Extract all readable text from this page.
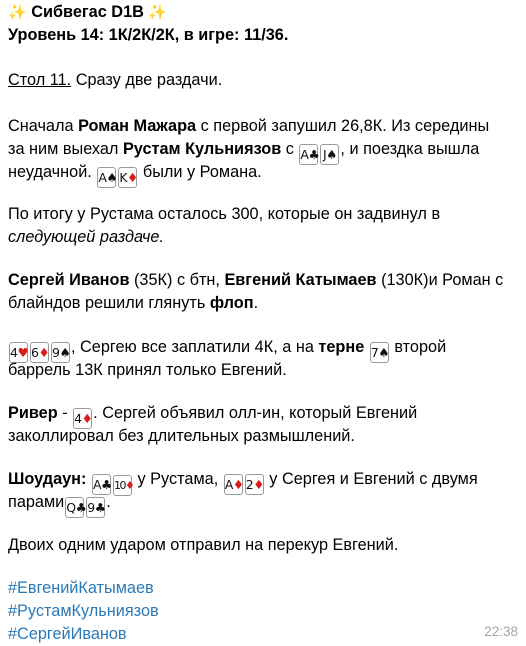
✨ Сибвегас D1B ✨
Уровень 14: 1К/2К/2К, в игре: 11/36.
Стол 11. Сразу две раздачи.
Сначала Роман Мажара с первой запушил 26,8К. Из середины
за ним выехал Рустам Кульниязов с A♣ J♠ , и поездка вышла
неудачной. A♠ K♦ были у Романа.
По итогу у Рустама осталось 300, которые он задвинул в
следующей раздаче.
Сергей Иванов (35К) с бтн, Евгений Катымаев (130К)и Роман с
блайндов решили глянуть флоп.
4♥ 6♦ 9♠, Сергею все заплатили 4К, а на терне 7♠ второй
баррель 13К принял только Евгений.
Ривер - 4♦. Сергей объявил олл-ин, который Евгений
заколлировал без длительных размышлений.
Шоудаун: A♣ 10♦ у Рустама, A♦ 2♦ у Сергея и Евгений с двумя
парами Q♣9♣.
Двоих одним ударом отправил на перекур Евгений.
#ЕвгенийКатымаев
#РустамКульниязов
#СергейИванов	22:38
